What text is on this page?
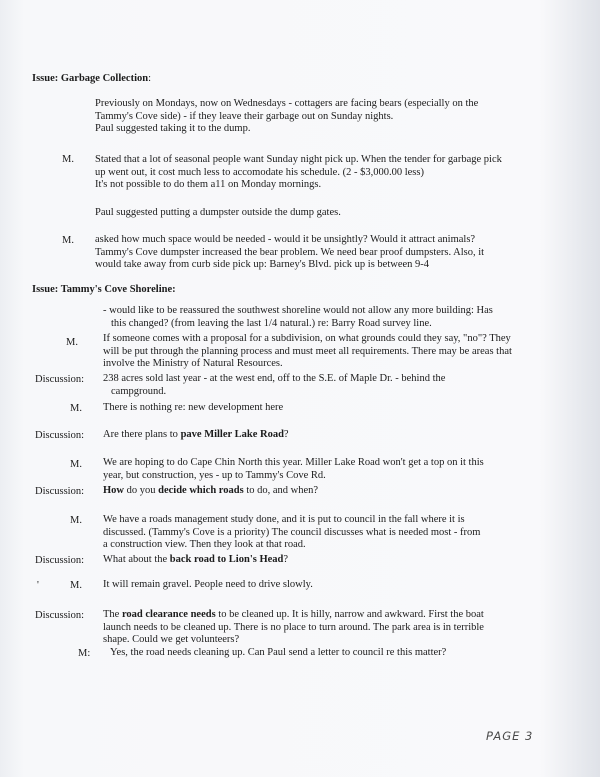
Issue: Garbage Collection:
Previously on Mondays, now on Wednesdays - cottagers are facing bears (especially on the
Tammy's Cove side) - if they leave their garbage out on Sunday nights.
Paul suggested taking it to the dump.
M. Stated that a lot of seasonal people want Sunday night pick up. When the tender for garbage pick
up went out, it cost much less to accomodate his schedule. (2 - $3,000.00 less)
It's not possible to do them a11 on Monday mornings.
Paul suggested putting a dumpster outside the dump gates.
M. asked how much space would be needed - would it be unsightly? Would it attract animals?
Tammy's Cove dumpster increased the bear problem. We need bear proof dumpsters. Also, it
would take away from curb side pick up: Barney's Blvd. pick up is between 9-4
Issue: Tammy's Cove Shoreline:
- would like to be reassured the southwest shoreline would not allow any more building: Has
this changed? (from leaving the last 1/4 natural.) re: Barry Road survey line.
M. If someone comes with a proposal for a subdivision, on what grounds could they say, "no"? They
will be put through the planning process and must meet all requirements. There may be areas that
involve the Ministry of Natural Resources.
Discussion: 238 acres sold last year - at the west end, off to the S.E. of Maple Dr. - behind the
campground.
M. There is nothing re: new development here
Discussion: Are there plans to pave Miller Lake Road?
M. We are hoping to do Cape Chin North this year. Miller Lake Road won't get a top on it this
year, but construction, yes - up to Tammy's Cove Rd.
Discussion: How do you decide which roads to do, and when?
M. We have a roads management study done, and it is put to council in the fall where it is
discussed. (Tammy's Cove is a priority) The council discusses what is needed most - from
a construction view. Then they look at that road.
Discussion: What about the back road to Lion's Head?
'	M. It will remain gravel. People need to drive slowly.
Discussion: The road clearance needs to be cleaned up. It is hilly, narrow and awkward. First the boat
launch needs to be cleaned up. There is no place to turn around. The park area is in terrible
shape. Could we get volunteers?
M: Yes, the road needs cleaning up. Can Paul send a letter to council re this matter?
PAGE 3
